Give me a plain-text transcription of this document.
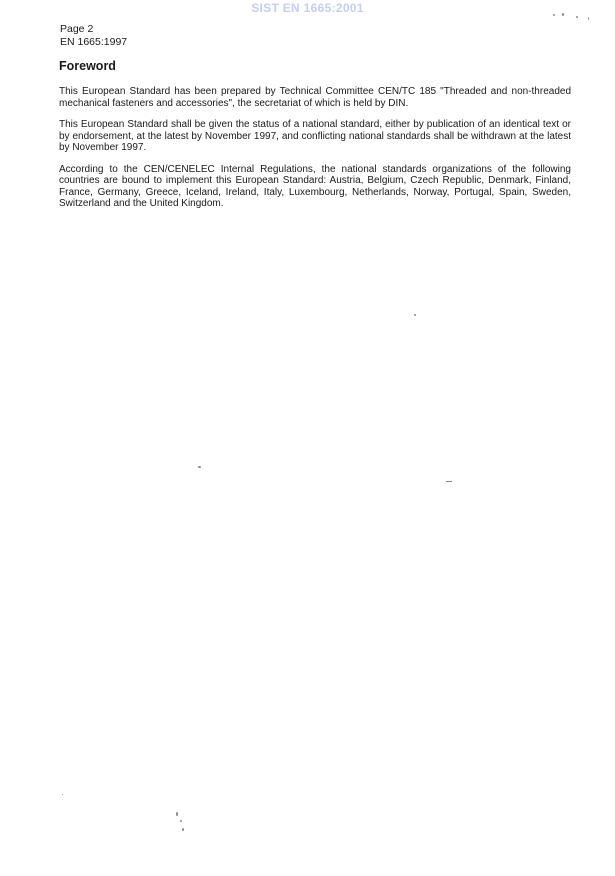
SIST EN 1665:2001
Page 2
EN 1665:1997
Foreword

This European Standard has been prepared by Technical Committee CEN/TC 185 "Threaded and non-threaded mechanical fasteners and accessories", the secretariat of which is held by DIN.

This European Standard shall be given the status of a national standard, either by publication of an identical text or by endorsement, at the latest by November 1997, and conflicting national standards shall be withdrawn at the latest by November 1997.

According to the CEN/CENELEC Internal Regulations, the national standards organizations of the following countries are bound to implement this European Standard: Austria, Belgium, Czech Republic, Denmark, Finland, France, Germany, Greece, Iceland, Ireland, Italy, Luxembourg, Netherlands, Norway, Portugal, Spain, Sweden, Switzerland and the United Kingdom.
